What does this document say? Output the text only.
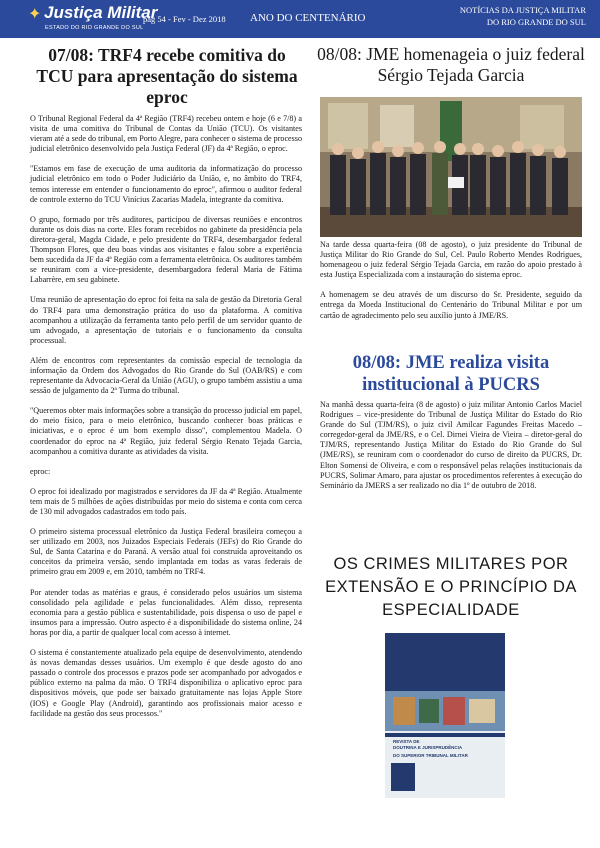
✦ Justiça Militar
ESTADO DO RIO GRANDE DO SUL
pág 54 - Fev - Dez 2018 ANO DO CENTENÁRIO
NOTÍCIAS DA JUSTIÇA MILITAR
DO RIO GRANDE DO SUL
07/08: TRF4 recebe comitiva do TCU para apresentação do sistema eproc

O Tribunal Regional Federal da 4ª Região (TRF4) recebeu ontem e hoje (6 e 7/8) a visita de uma comitiva do Tribunal de Contas da União (TCU). Os visitantes vieram até a sede do tribunal, em Porto Alegre, para conhecer o sistema de processo judicial eletrônico desenvolvido pela Justiça Federal (JF) da 4ª Região, o eproc.

"Estamos em fase de execução de uma auditoria da informatização do processo judicial eletrônico em todo o Poder Judiciário da União, e, no âmbito do TRF4, temos interesse em entender o funcionamento do eproc", afirmou o auditor federal de controle externo do TCU Vinícius Zacarias Madela, integrante da comitiva.

O grupo, formado por três auditores, participou de diversas reuniões e encontros durante os dois dias na corte. Eles foram recebidos no gabinete da presidência pela diretora-geral, Magda Cidade, e pelo presidente do TRF4, desembargador federal Thompson Flores, que deu boas vindas aos visitantes e falou sobre a experiência bem sucedida da JF da 4ª Região com a ferramenta eletrônica. Os auditores também se reuniram com a vice-presidente, desembargadora federal Maria de Fátima Labarrère, em seu gabinete.

Uma reunião de apresentação do eproc foi feita na sala de gestão da Diretoria Geral do TRF4 para uma demonstração prática do uso da plataforma. A comitiva acompanhou a utilização da ferramenta tanto pelo perfil de um servidor quanto de um advogado, a apresentação de tutoriais e o funcionamento da consulta processual.

Além de encontros com representantes da comissão especial de tecnologia da informação da Ordem dos Advogados do Rio Grande do Sul (OAB/RS) e com representante da Advocacia-Geral da União (AGU), o grupo também assistiu a uma sessão de julgamento da 2ª Turma do tribunal.

"Queremos obter mais informações sobre a transição do processo judicial em papel, do meio físico, para o meio eletrônico, buscando conhecer boas práticas e iniciativas, e o eproc é um bom exemplo disso", complementou Madela. O coordenador do eproc na 4ª Região, juiz federal Sérgio Renato Tejada Garcia, acompanhou a comitiva durante as atividades da visita.

eproc:

O eproc foi idealizado por magistrados e servidores da JF da 4ª Região. Atualmente tem mais de 5 milhões de ações distribuídas por meio do sistema e conta com cerca de 130 mil advogados cadastrados em todo país.

O primeiro sistema processual eletrônico da Justiça Federal brasileira começou a ser utilizado em 2003, nos Juizados Especiais Federais (JEFs) do Rio Grande do Sul, de Santa Catarina e do Paraná. A versão atual foi construída aproveitando os conceitos da primeira versão, sendo implantada em todas as varas federais de primeiro grau em 2009 e, em 2010, também no TRF4.

Por atender todas as matérias e graus, é considerado pelos usuários um sistema consolidado pela agilidade e pelas funcionalidades. Além disso, representa economia para a gestão pública e sustentabilidade, pois dispensa o uso de papel e insumos para a impressão. Outro aspecto é a disponibilidade do sistema online, 24 horas por dia, a partir de qualquer local com acesso à internet.

O sistema é constantemente atualizado pela equipe de desenvolvimento, atendendo às novas demandas desses usuários. Um exemplo é que desde agosto do ano passado o controle dos processos e prazos pode ser acompanhado por advogados e público externo na palma da mão. O TRF4 disponibiliza o aplicativo eproc para dispositivos móveis, que pode ser baixado gratuitamente nas lojas Apple Store (IOS) e Google Play (Android), garantindo aos profissionais maior acesso e facilidade na gestão dos seus processos."

08/08: JME homenageia o juiz federal Sérgio Tejada Garcia

Na tarde dessa quarta-feira (08 de agosto), o juiz presidente do Tribunal de Justiça Militar do Rio Grande do Sul, Cel. Paulo Roberto Mendes Rodrigues, homenageou o juiz federal Sérgio Tejada Garcia, em razão do apoio prestado à esta Justiça Especializada com a instauração do sistema eproc.

A homenagem se deu através de um discurso do Sr. Presidente, seguido da entrega da Moeda Institucional do Centenário do Tribunal Militar e por um cartão de agradecimento pelo seu auxílio junto à JME/RS.

08/08: JME realiza visita institucional à PUCRS

Na manhã dessa quarta-feira (8 de agosto) o juiz militar Antonio Carlos Maciel Rodrigues – vice-presidente do Tribunal de Justiça Militar do Estado do Rio Grande do Sul (TJM/RS), o juiz civil Amilcar Fagundes Freitas Macedo – corregedor-geral da JME/RS, e o Cel. Dirnei Vieira de Vieira – diretor-geral do TJM/RS, representando Justiça Militar do Estado do Rio Grande do Sul (JME/RS), se reuniram com o coordenador do curso de direito da PUCRS, Dr. Elton Somensi de Oliveira, e com o responsável pelas relações institucionais da PUCRS, Solimar Amaro, para ajustar os procedimentos referentes à execução do Seminário da JMERS a ser realizado no dia 1º de outubro de 2018.

OS CRIMES MILITARES POR EXTENSÃO E O PRINCÍPIO DA ESPECIALIDADE
REVISTA DE
DOUTRINA E JURISPRUDÊNCIA
DO SUPERIOR TRIBUNAL MILITAR
